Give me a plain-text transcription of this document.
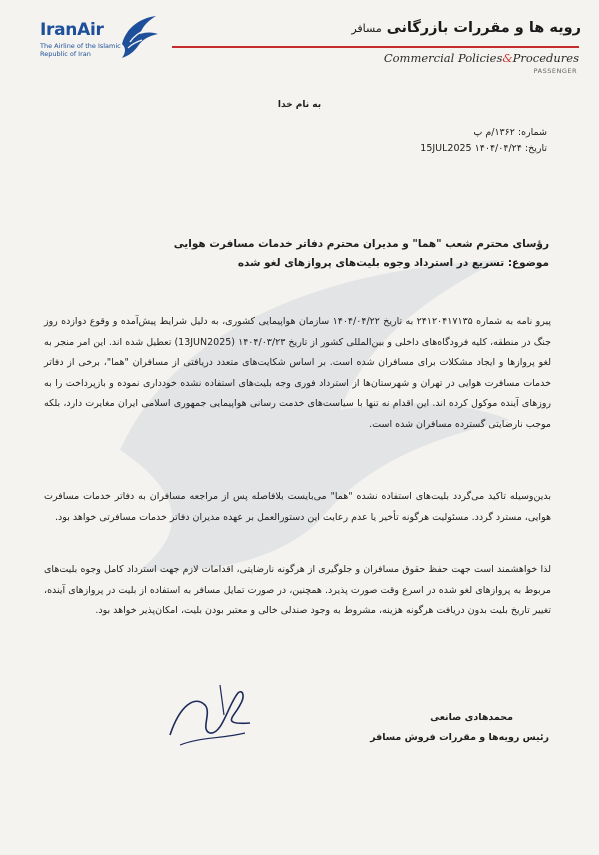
IranAir
The Airline of the Islamic Republic of Iran
رویه ها و مقررات بازرگانی مسافر
Commercial Policies&Procedures
PASSENGER
به نام خدا
شماره: ۱۳۶۲/م پ
تاریخ: ۱۴۰۴/۰۴/۲۴ 15JUL2025
رؤسای محترم شعب "هما" و مدیران محترم دفاتر خدمات مسافرت هوایی
موضوع: تسریع در استرداد وجوه بلیت‌های پروازهای لغو شده
پیرو نامه به شماره ۲۴۱۲۰۴۱۷۱۳۵ به تاریخ ۱۴۰۴/۰۴/۲۲ سازمان هواپیمایی کشوری، به دلیل شرایط پیش‌آمده و وقوع دوازده روز جنگ در منطقه، کلیه فرودگاه‌های داخلی و بین‌المللی کشور از تاریخ ۱۴۰۴/۰۳/۲۳ (13JUN2025) تعطیل شده اند. این امر منجر به لغو پروازها و ایجاد مشکلات برای مسافران شده است. بر اساس شکایت‌های متعدد دریافتی از مسافران "هما"، برخی از دفاتر خدمات مسافرت هوایی در تهران و شهرستان‌ها از استرداد فوری وجه بلیت‌های استفاده نشده خودداری نموده و بازپرداخت را به روزهای آینده موکول کرده اند. این اقدام نه تنها با سیاست‌های خدمت رسانی هواپیمایی جمهوری اسلامی ایران مغایرت دارد، بلکه موجب نارضایتی گسترده مسافران شده است.
بدین‌وسیله تاکید می‌گردد بلیت‌های استفاده نشده "هما" می‌بایست بلافاصله پس از مراجعه مسافران به دفاتر خدمات مسافرت هوایی، مسترد گردد. مسئولیت هرگونه تأخیر یا عدم رعایت این دستورالعمل بر عهده مدیران دفاتر خدمات مسافرتی خواهد بود.
لذا خواهشمند است جهت حفظ حقوق مسافران و جلوگیری از هرگونه نارضایتی، اقدامات لازم جهت استرداد کامل وجوه بلیت‌های مربوط به پروازهای لغو شده در اسرع وقت صورت پذیرد. همچنین، در صورت تمایل مسافر به استفاده از بلیت در پروازهای آینده، تغییر تاریخ بلیت بدون دریافت هرگونه هزینه، مشروط به وجود صندلی خالی و معتبر بودن بلیت، امکان‌پذیر خواهد بود.
محمدهادی صانعی
رئیس رویه‌ها و مقررات فروش مسافر
